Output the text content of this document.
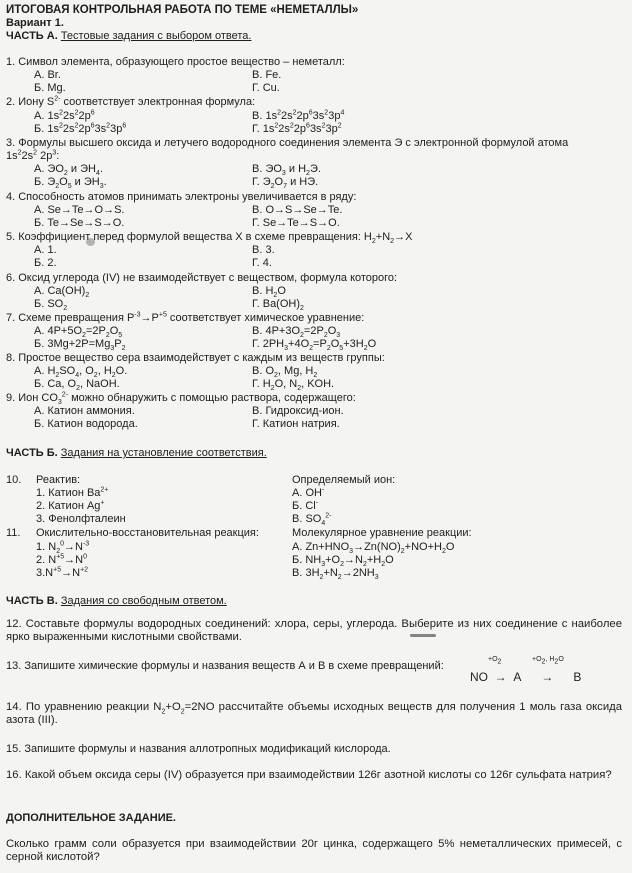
ИТОГОВАЯ КОНТРОЛЬНАЯ РАБОТА ПО ТЕМЕ «НЕМЕТАЛЛЫ»
Вариант 1.
ЧАСТЬ А. Тестовые задания с выбором ответа.
1. Символ элемента, образующего простое вещество – неметалл:
А. Br.	В. Fe.
Б. Mg.	Г. Cu.
2. Иону $S^{2-}$ соответствует электронная формула:
А. $1s^22s^22p^6$	В. $1s^22s^22p^63s^23p^4$
Б. $1s^22s^22p^63s^23p^6$	Г. $1s^22s^22p^63s^23p^2$
3. Формулы высшего оксида и летучего водородного соединения элемента Э с электронной формулой атома
$1s^22s^2$ $2p^3$:
А. $ЭО_2$ и $ЭН_4$.	В. $ЭО_3$ и $Н_2Э$.
Б. $Э_2О_5$ и $ЭН_3$.	Г. $Э_2О_7$ и НЭ.
4. Способность атомов принимать электроны увеличивается в ряду:
А. Se→Te→O→S.	В. O→S→Se→Te.
Б. Te→Se→S→O.	Г. Se→Te→S→O.
5. Коэффициент перед формулой вещества Х в схеме превращения: $H_2+N_2\to X$
А. 1.	В. 3.
Б. 2.	Г. 4.
6. Оксид углерода (IV) не взаимодействует с веществом, формула которого:
А. $Ca(OH)_2$	В. $H_2O$
Б. $SO_2$	Г. $Ba(OH)_2$
7. Схеме превращения $P^{-3}\to P^{+5}$ соответствует химическое уравнение:
А. $4P+5O_2=2P_2O_5$	В. $4P+3O_2=2P_2O_3$
Б. $3Mg+2P=Mg_3P_2$	Г. $2PH_3+4O_2=P_2O_5+3H_2O$
8. Простое вещество сера взаимодействует с каждым из веществ группы:
А. $H_2SO_4$, $O_2$, $H_2O$.	В. $O_2$, Mg, $H_2$
Б. Ca, $O_2$, NaOH.	Г. $H_2O$, $N_2$, KOH.
9. Ион $CO_3^{2-}$ можно обнаружить с помощью раствора, содержащего:
А. Катион аммония.	В. Гидроксид-ион.
Б. Катион водорода.	Г. Катион натрия.
ЧАСТЬ Б. Задания на установление соответствия.
10. Реактив:	Определяемый ион:
1. Катион $Ba^{2+}$	А. OH-
2. Катион Ag+	Б. Cl-
3. Фенолфталеин	В. $SO_4^{2-}$
11. Окислительно-восстановительная реакция:	Молекулярное уравнение реакции:
1. $N_2^0\to N^{-3}$	А. $Zn+HNO_3\to Zn(NO)_2+NO+H_2O$
2. $N^{+5}\to N^0$	Б. $NH_3+O_2\to N_2+H_2O$
$3.N^{+5}\to N^{+2}$	В. $3H_2+N_2\to 2NH_3$
ЧАСТЬ В. Задания со свободным ответом.
12. Составьте формулы водородных соединений: хлора, серы, углерода. Выберите из них соединение с наиболее ярко выраженными кислотными свойствами.
13. Запишите химические формулы и названия веществ А и В в схеме превращений:
$+O_2$	$+O_2$, $H_2O$
NO  →  A      →      B
14. По уравнению реакции $N_2+O_2=2NO$ рассчитайте объемы исходных веществ для получения 1 моль газа оксида азота (III).
15. Запишите формулы и названия аллотропных модификаций кислорода.
16. Какой объем оксида серы (IV) образуется при взаимодействии 126г азотной кислоты со 126г сульфата натрия?
ДОПОЛНИТЕЛЬНОЕ ЗАДАНИЕ.
Сколько грамм соли образуется при взаимодействии 20г цинка, содержащего 5% неметаллических примесей, с серной кислотой?
